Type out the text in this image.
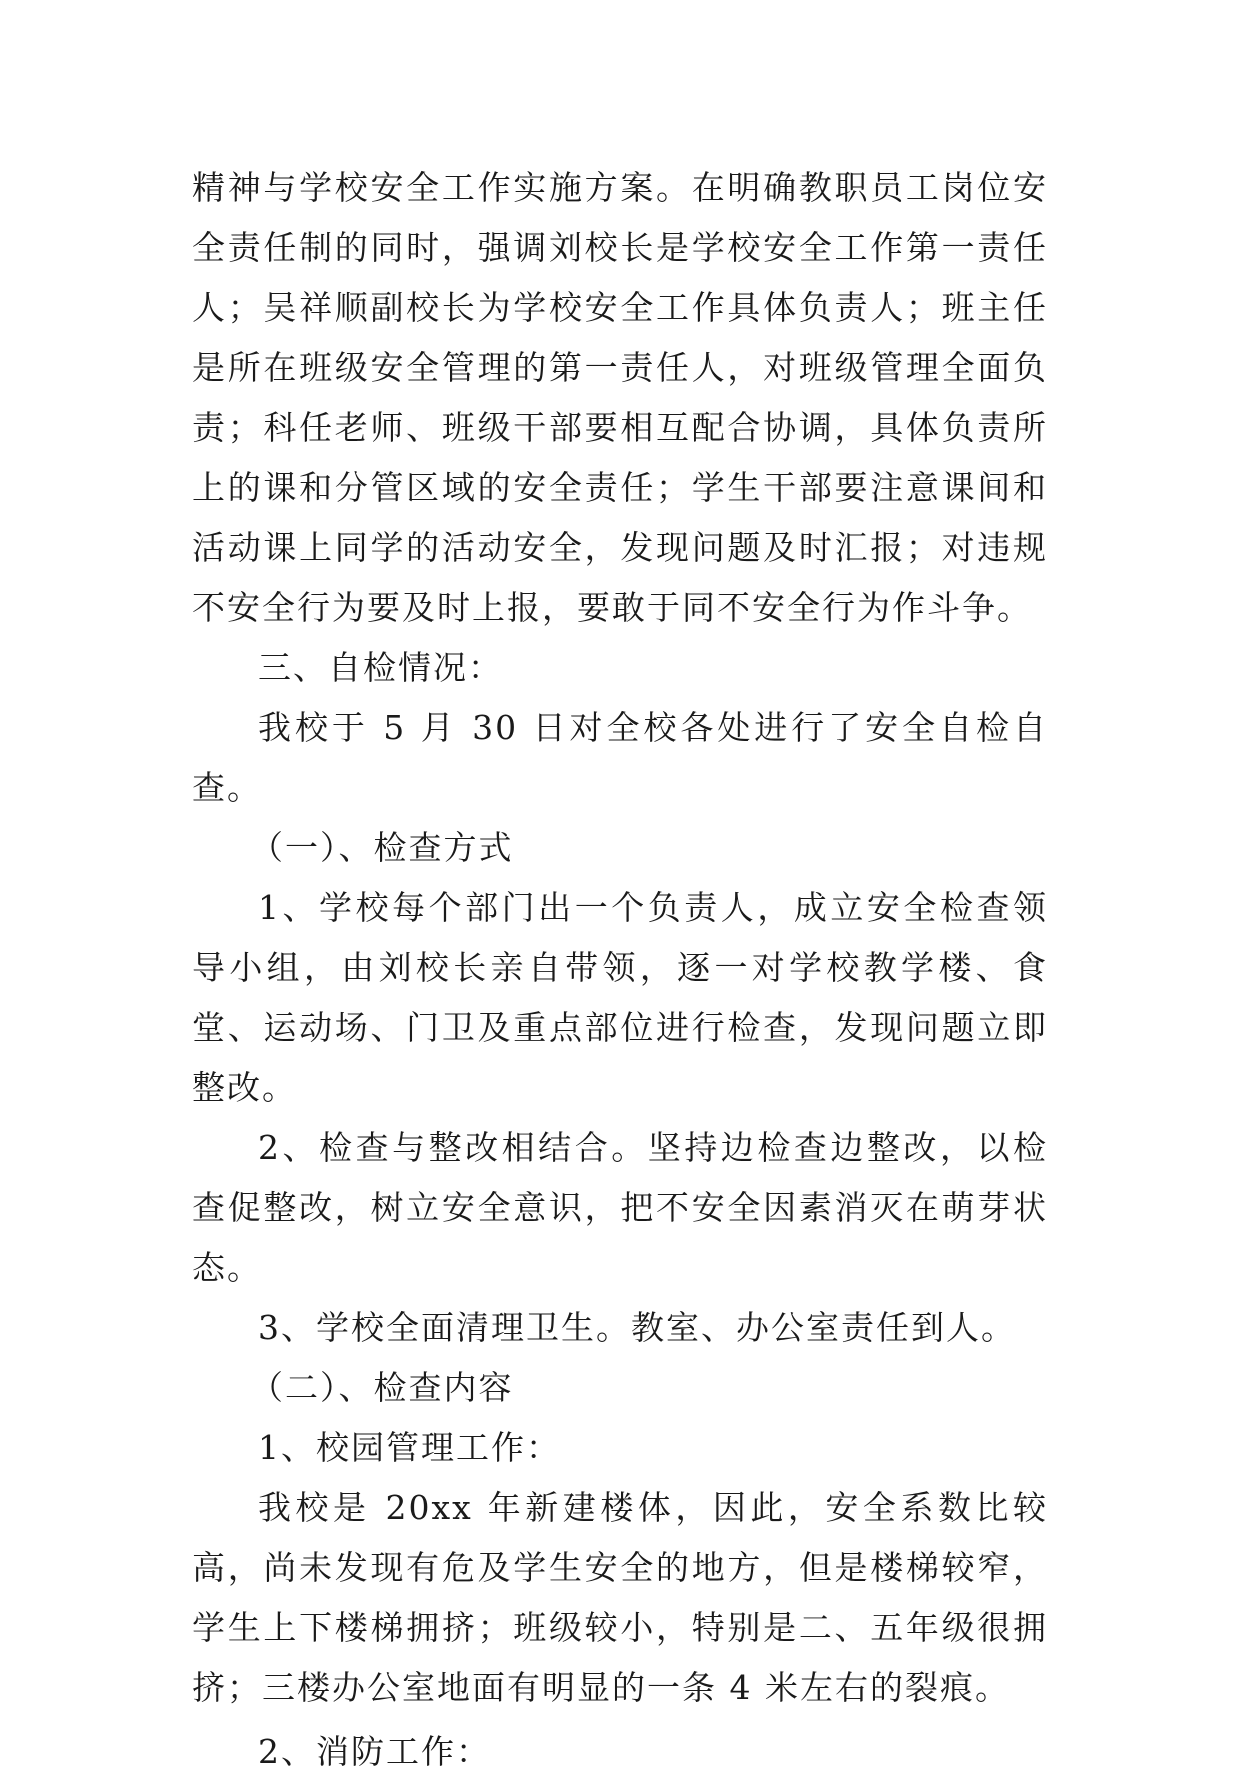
精神与学校安全工作实施方案。在明确教职员工岗位安全责任制的同时，强调刘校长是学校安全工作第一责任人；吴祥顺副校长为学校安全工作具体负责人；班主任是所在班级安全管理的第一责任人，对班级管理全面负责；科任老师、班级干部要相互配合协调，具体负责所上的课和分管区域的安全责任；学生干部要注意课间和活动课上同学的活动安全，发现问题及时汇报；对违规不安全行为要及时上报，要敢于同不安全行为作斗争。

三、自检情况：

我校于 5 月 30 日对全校各处进行了安全自检自查。

（一）、检查方式

1、学校每个部门出一个负责人，成立安全检查领导小组，由刘校长亲自带领，逐一对学校教学楼、食堂、运动场、门卫及重点部位进行检查，发现问题立即整改。

2、检查与整改相结合。坚持边检查边整改，以检查促整改，树立安全意识，把不安全因素消灭在萌芽状态。

3、学校全面清理卫生。教室、办公室责任到人。

（二）、检查内容

1、校园管理工作：

我校是 20xx 年新建楼体，因此，安全系数比较高，尚未发现有危及学生安全的地方，但是楼梯较窄，学生上下楼梯拥挤；班级较小，特别是二、五年级很拥挤；三楼办公室地面有明显的一条 4 米左右的裂痕。

2、消防工作：
